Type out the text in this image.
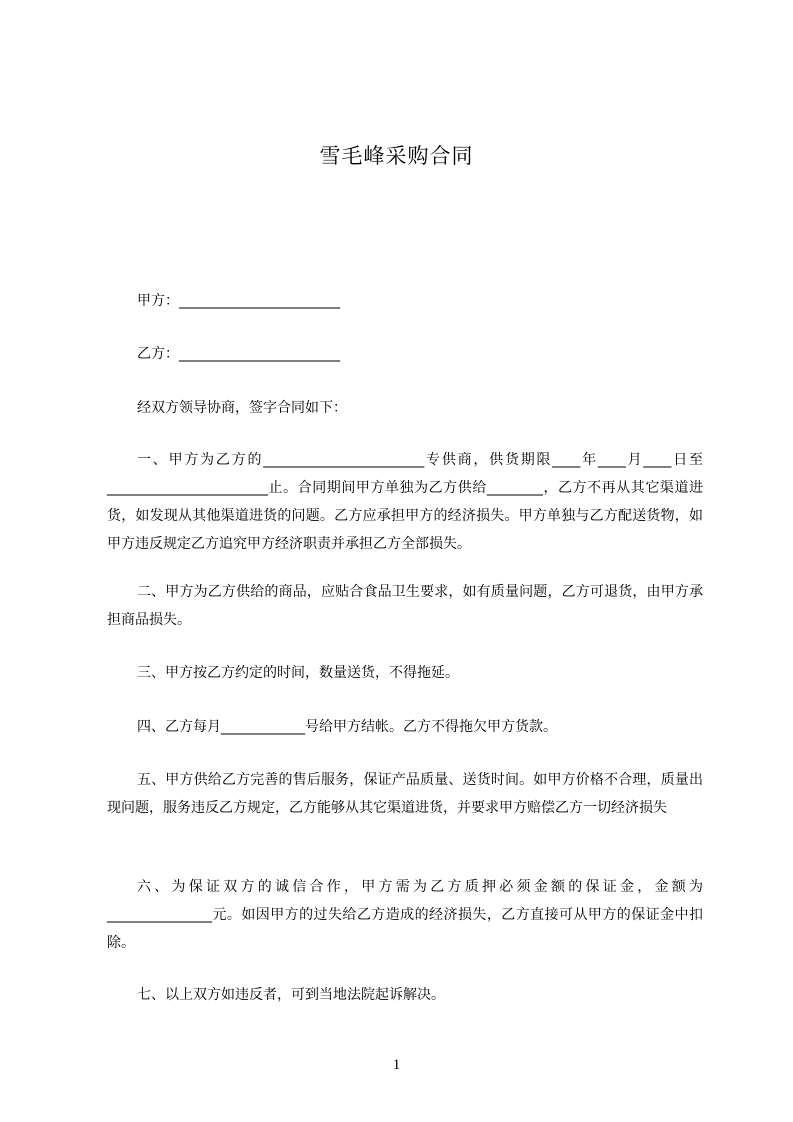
雪毛峰采购合同
甲方：_______________________
乙方：_______________________
经双方领导协商，签字合同如下：
一、甲方为乙方的_______________________专供商，供货期限____年____月____日至_______________________止。合同期间甲方单独为乙方供给________，乙方不再从其它渠道进货，如发现从其他渠道进货的问题。乙方应承担甲方的经济损失。甲方单独与乙方配送货物，如甲方违反规定乙方追究甲方经济职责并承担乙方全部损失。
二、甲方为乙方供给的商品，应贴合食品卫生要求，如有质量问题，乙方可退货，由甲方承担商品损失。
三、甲方按乙方约定的时间，数量送货，不得拖延。
四、乙方每月____________号给甲方结帐。乙方不得拖欠甲方货款。
五、甲方供给乙方完善的售后服务，保证产品质量、送货时间。如甲方价格不合理，质量出现问题，服务违反乙方规定，乙方能够从其它渠道进货，并要求甲方赔偿乙方一切经济损失
六、为保证双方的诚信合作，甲方需为乙方质押必须金额的保证金，金额为_______________元。如因甲方的过失给乙方造成的经济损失，乙方直接可从甲方的保证金中扣除。
七、以上双方如违反者，可到当地法院起诉解决。
1
